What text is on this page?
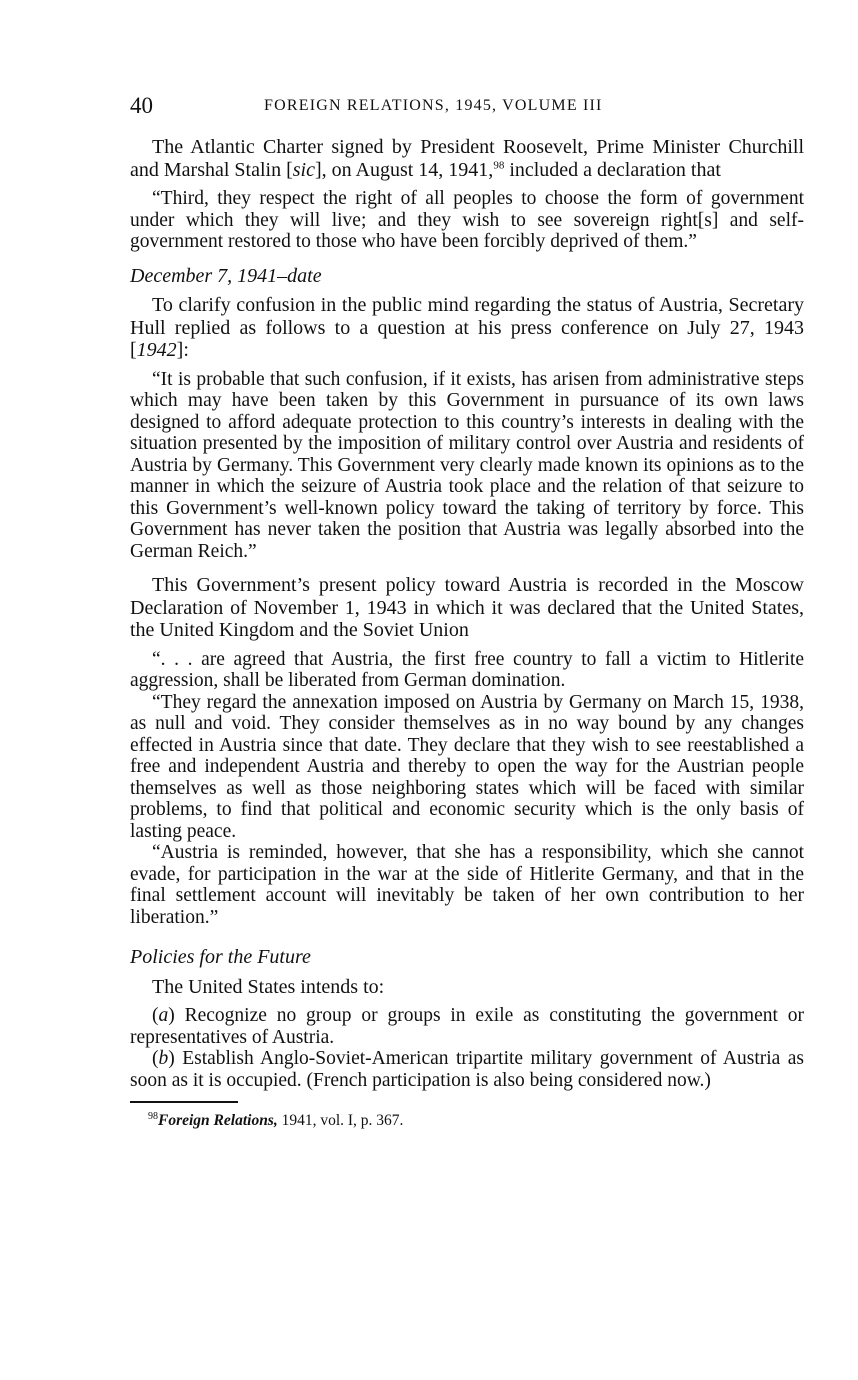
40	FOREIGN RELATIONS, 1945, VOLUME III

The Atlantic Charter signed by President Roosevelt, Prime Minister Churchill and Marshal Stalin [sic], on August 14, 1941,98 included a declaration that

“Third, they respect the right of all peoples to choose the form of government under which they will live; and they wish to see sovereign right[s] and self-government restored to those who have been forcibly deprived of them.”

December 7, 1941–date

To clarify confusion in the public mind regarding the status of Austria, Secretary Hull replied as follows to a question at his press conference on July 27, 1943 [1942]:

“It is probable that such confusion, if it exists, has arisen from administrative steps which may have been taken by this Government in pursuance of its own laws designed to afford adequate protection to this country’s interests in dealing with the situation presented by the imposition of military control over Austria and residents of Austria by Germany. This Government very clearly made known its opinions as to the manner in which the seizure of Austria took place and the relation of that seizure to this Government’s well-known policy toward the taking of territory by force. This Government has never taken the position that Austria was legally absorbed into the German Reich.”

This Government’s present policy toward Austria is recorded in the Moscow Declaration of November 1, 1943 in which it was declared that the United States, the United Kingdom and the Soviet Union

“. . . are agreed that Austria, the first free country to fall a victim to Hitlerite aggression, shall be liberated from German domination.

“They regard the annexation imposed on Austria by Germany on March 15, 1938, as null and void. They consider themselves as in no way bound by any changes effected in Austria since that date. They declare that they wish to see reestablished a free and independent Austria and thereby to open the way for the Austrian people themselves as well as those neighboring states which will be faced with similar problems, to find that political and economic security which is the only basis of lasting peace.

“Austria is reminded, however, that she has a responsibility, which she cannot evade, for participation in the war at the side of Hitlerite Germany, and that in the final settlement account will inevitably be taken of her own contribution to her liberation.”

Policies for the Future

The United States intends to:

(a) Recognize no group or groups in exile as constituting the government or representatives of Austria.

(b) Establish Anglo-Soviet-American tripartite military government of Austria as soon as it is occupied. (French participation is also being considered now.)

$^{98}$Foreign Relations, 1941, vol. I, p. 367.
